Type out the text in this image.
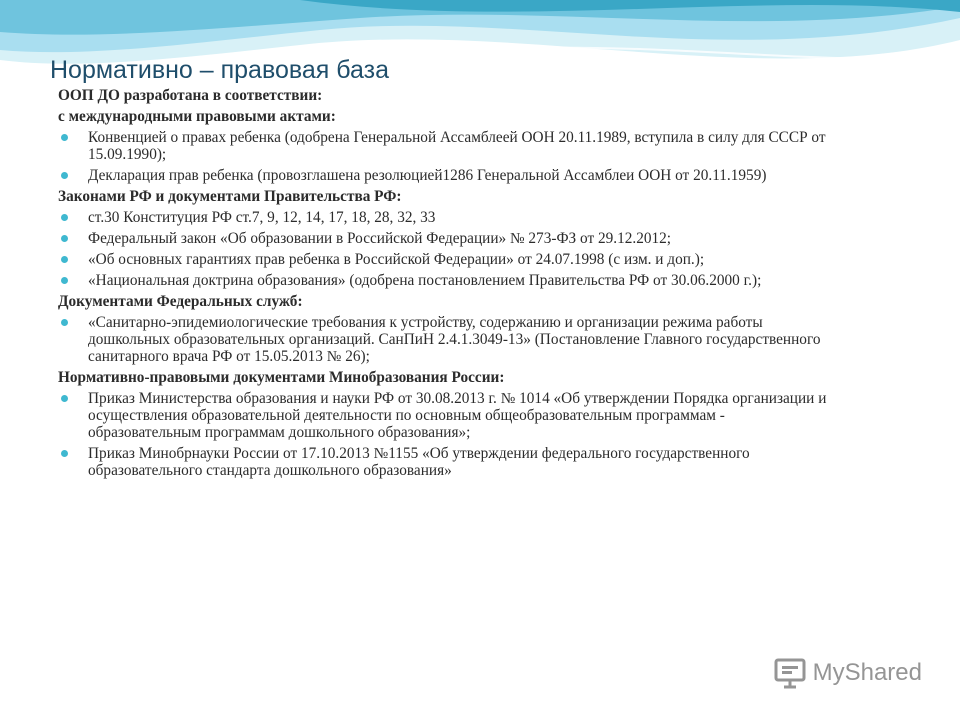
Нормативно – правовая база
ООП ДО разработана в соответствии:
с международными правовыми актами:
Конвенцией о правах ребенка (одобрена Генеральной Ассамблеей ООН 20.11.1989, вступила в силу для СССР от 15.09.1990);
Декларация прав ребенка (провозглашена резолюцией1286 Генеральной Ассамблеи ООН от 20.11.1959)
Законами РФ и документами Правительства РФ:
ст.30 Конституция РФ ст.7, 9, 12, 14, 17, 18, 28, 32, 33
Федеральный закон «Об образовании в Российской Федерации» № 273-ФЗ от 29.12.2012;
«Об основных гарантиях прав ребенка в Российской Федерации» от 24.07.1998 (с изм. и доп.);
«Национальная доктрина образования» (одобрена постановлением Правительства РФ от 30.06.2000 г.);
Документами Федеральных служб:
«Санитарно-эпидемиологические требования к устройству, содержанию и организации режима работы дошкольных образовательных организаций. СанПиН 2.4.1.3049-13» (Постановление Главного государственного санитарного врача РФ от 15.05.2013 № 26);
Нормативно-правовыми документами Минобразования России:
Приказ Министерства образования и науки РФ от 30.08.2013 г. № 1014 «Об утверждении Порядка организации и осуществления образовательной деятельности по основным общеобразовательным программам - образовательным программам дошкольного образования»;
Приказ Минобрнауки России от 17.10.2013 №1155 «Об утверждении федерального государственного образовательного стандарта дошкольного образования»
MyShared
